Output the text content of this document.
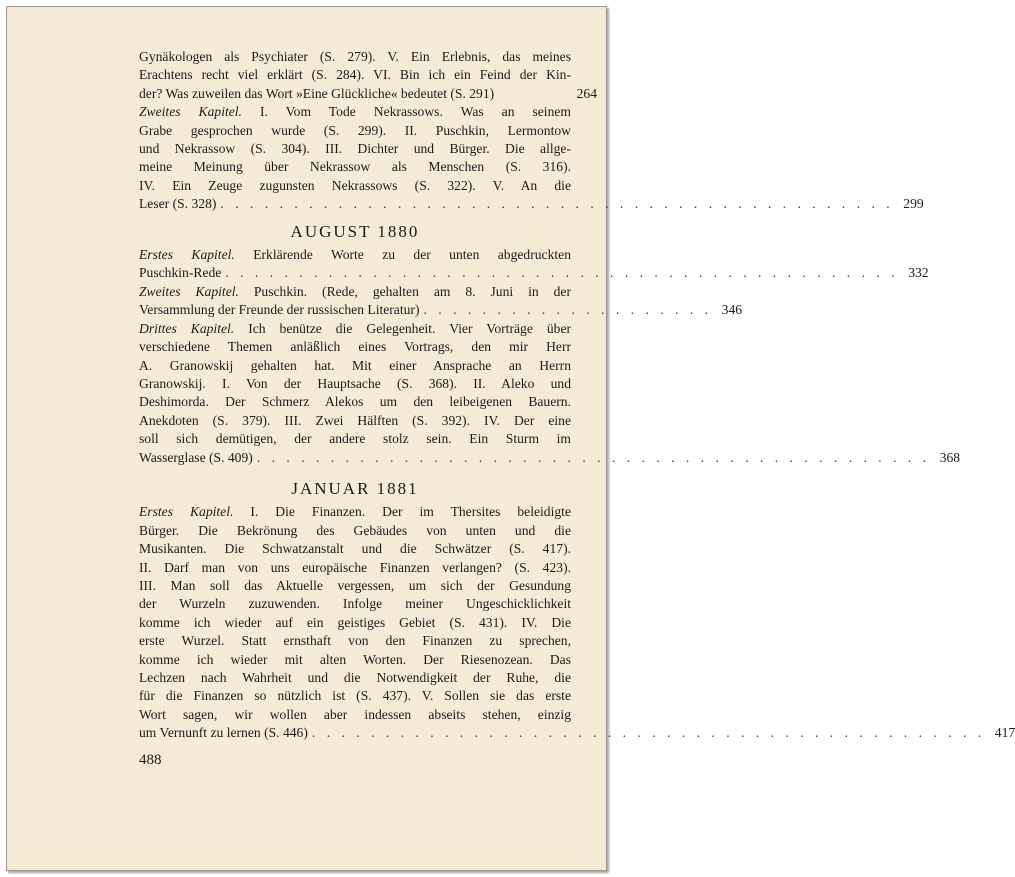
Gynäkologen als Psychiater (S. 279). V. Ein Erlebnis, das meines
Erachtens recht viel erklärt (S. 284). VI. Bin ich ein Feind der Kin‑
der? Was zuweilen das Wort »Eine Glückliche« bedeutet (S. 291)	264
Zweites Kapitel. I. Vom Tode Nekrassows. Was an seinem
Grabe gesprochen wurde (S. 299). II. Puschkin, Lermontow
und Nekrassow (S. 304). III. Dichter und Bürger. Die allge‑
meine Meinung über Nekrassow als Menschen (S. 316).
IV. Ein Zeuge zugunsten Nekrassows (S. 322). V. An die
Leser (S. 328) . . . . . . . . . . . . . . . . . . . . . . . . . . . . . . . . . . . . . . . . . . . . . . 299
AUGUST 1880
Erstes Kapitel. Erklärende Worte zu der unten abgedruckten
Puschkin‑Rede . . . . . . . . . . . . . . . . . . . . . . . . . . . . . . . . . . . . . . . . . . . . . . 332
Zweites Kapitel. Puschkin. (Rede, gehalten am 8. Juni in der
Versammlung der Freunde der russischen Literatur) . . . . . . . . . . . . . . . . . . . . 346
Drittes Kapitel. Ich benütze die Gelegenheit. Vier Vorträge über
verschiedene Themen anläßlich eines Vortrags, den mir Herr
A. Granowskij gehalten hat. Mit einer Ansprache an Herrn
Granowskij. I. Von der Hauptsache (S. 368). II. Aleko und
Deshimorda. Der Schmerz Alekos um den leibeigenen Bauern.
Anekdoten (S. 379). III. Zwei Hälften (S. 392). IV. Der eine
soll sich demütigen, der andere stolz sein. Ein Sturm im
Wasserglase (S. 409) . . . . . . . . . . . . . . . . . . . . . . . . . . . . . . . . . . . . . . . . . . . . . . 368
JANUAR 1881
Erstes Kapitel. I. Die Finanzen. Der im Thersites beleidigte
Bürger. Die Bekrönung des Gebäudes von unten und die
Musikanten. Die Schwatzanstalt und die Schwätzer (S. 417).
II. Darf man von uns europäische Finanzen verlangen? (S. 423).
III. Man soll das Aktuelle vergessen, um sich der Gesundung
der Wurzeln zuzuwenden. Infolge meiner Ungeschicklichkeit
komme ich wieder auf ein geistiges Gebiet (S. 431). IV. Die
erste Wurzel. Statt ernsthaft von den Finanzen zu sprechen,
komme ich wieder mit alten Worten. Der Riesenozean. Das
Lechzen nach Wahrheit und die Notwendigkeit der Ruhe, die
für die Finanzen so nützlich ist (S. 437). V. Sollen sie das erste
Wort sagen, wir wollen aber indessen abseits stehen, einzig
um Vernunft zu lernen (S. 446) . . . . . . . . . . . . . . . . . . . . . . . . . . . . . . . . . . . . . . . . . . . . . . 417
488
